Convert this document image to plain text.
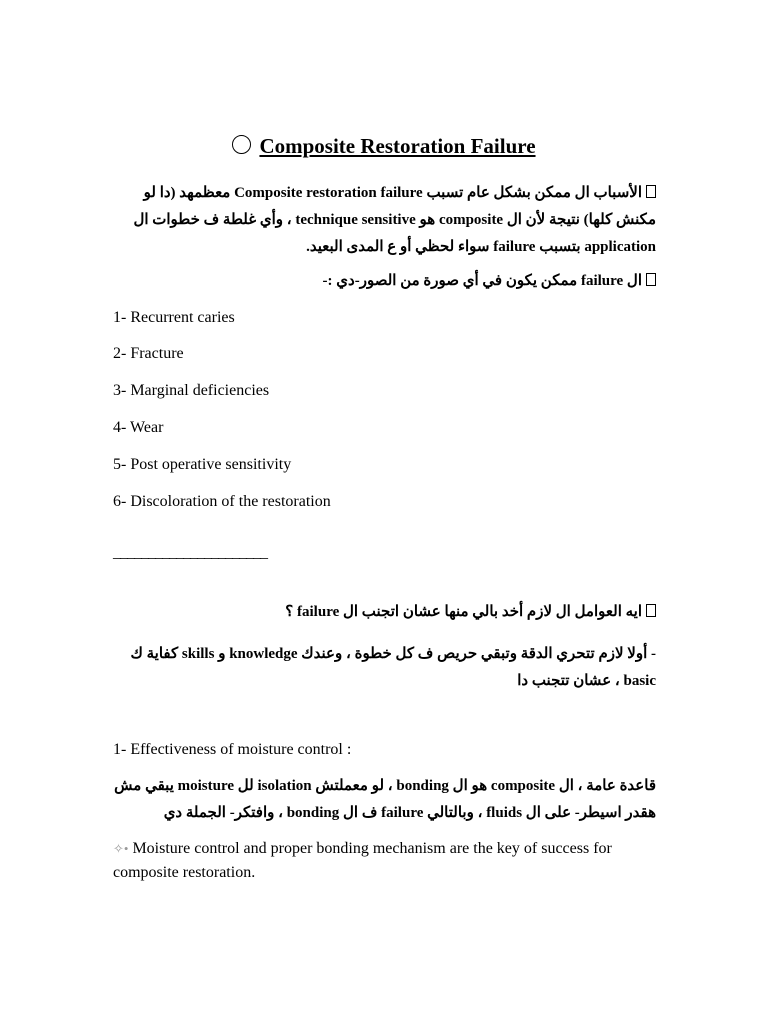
Composite Restoration Failure
الأسباب ال ممكن بشكل عام تسبب Composite restoration failure معظمهد (دا لو مكنش كلها) نتيجة لأن ال composite هو technique sensitive ، وأي غلطة ف خطوات ال application بتسبب failure سواء لحظي أو ع المدى البعيد.
ال failure ممكن يكون في أي صورة من الصور-دي :-
1- Recurrent caries
2- Fracture
3- Marginal deficiencies
4- Wear
5- Post operative sensitivity
6- Discoloration of the restoration
______________________
ايه العوامل ال لازم أخد بالي منها عشان اتجنب ال failure ؟
- أولا لازم تتحري الدقة وتبقي حريص ف كل خطوة ، وعندك knowledge و skills كفاية ك basic ، عشان تتجنب دا
1- Effectiveness of moisture control :
قاعدة عامة ، ال composite هو ال bonding ، لو معملتش isolation لل moisture يبقي مش هقدر اسيطر- على ال fluids ، وبالتالي failure ف ال bonding ، وافتكر- الجملة دي
✧• Moisture control and proper bonding mechanism are the key of success for composite restoration.
